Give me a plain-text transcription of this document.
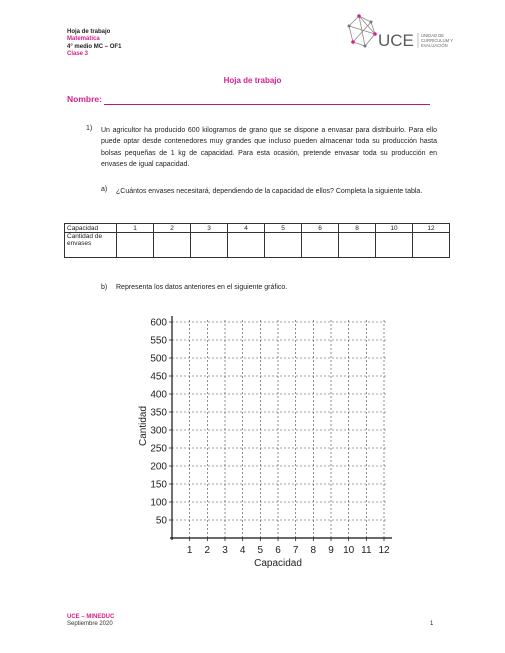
Hoja de trabajo
Matemática
4° medio MC – OF1
Clase 3
UCE UNIDAD DE
CURRICULUM Y
EVALUACIÓN
Hoja de trabajo
Nombre:
1) Un agricultor ha producido 600 kilogramos de grano que se dispone a envasar para distribuirlo. Para ello puede optar desde contenedores muy grandes que incluso pueden almacenar toda su producción hasta bolsas pequeñas de 1 kg de capacidad. Para esta ocasión, pretende envasar toda su producción en envases de igual capacidad.
a) ¿Cuántos envases necesitará, dependiendo de la capacidad de ellos? Completa la siguiente tabla.
Capacidad	1	2	3	4	5	6	8	10	12
Cantidad de envases									
b) Representa los datos anteriores en el siguiente gráfico.
1 2 3 4 5 6 7 8 9 10 11 12
50
100
150
200
250
300
350
400
450
500
550
600
Capacidad
Cantidad
UCE – MINEDUC
Septiembre 2020	1
